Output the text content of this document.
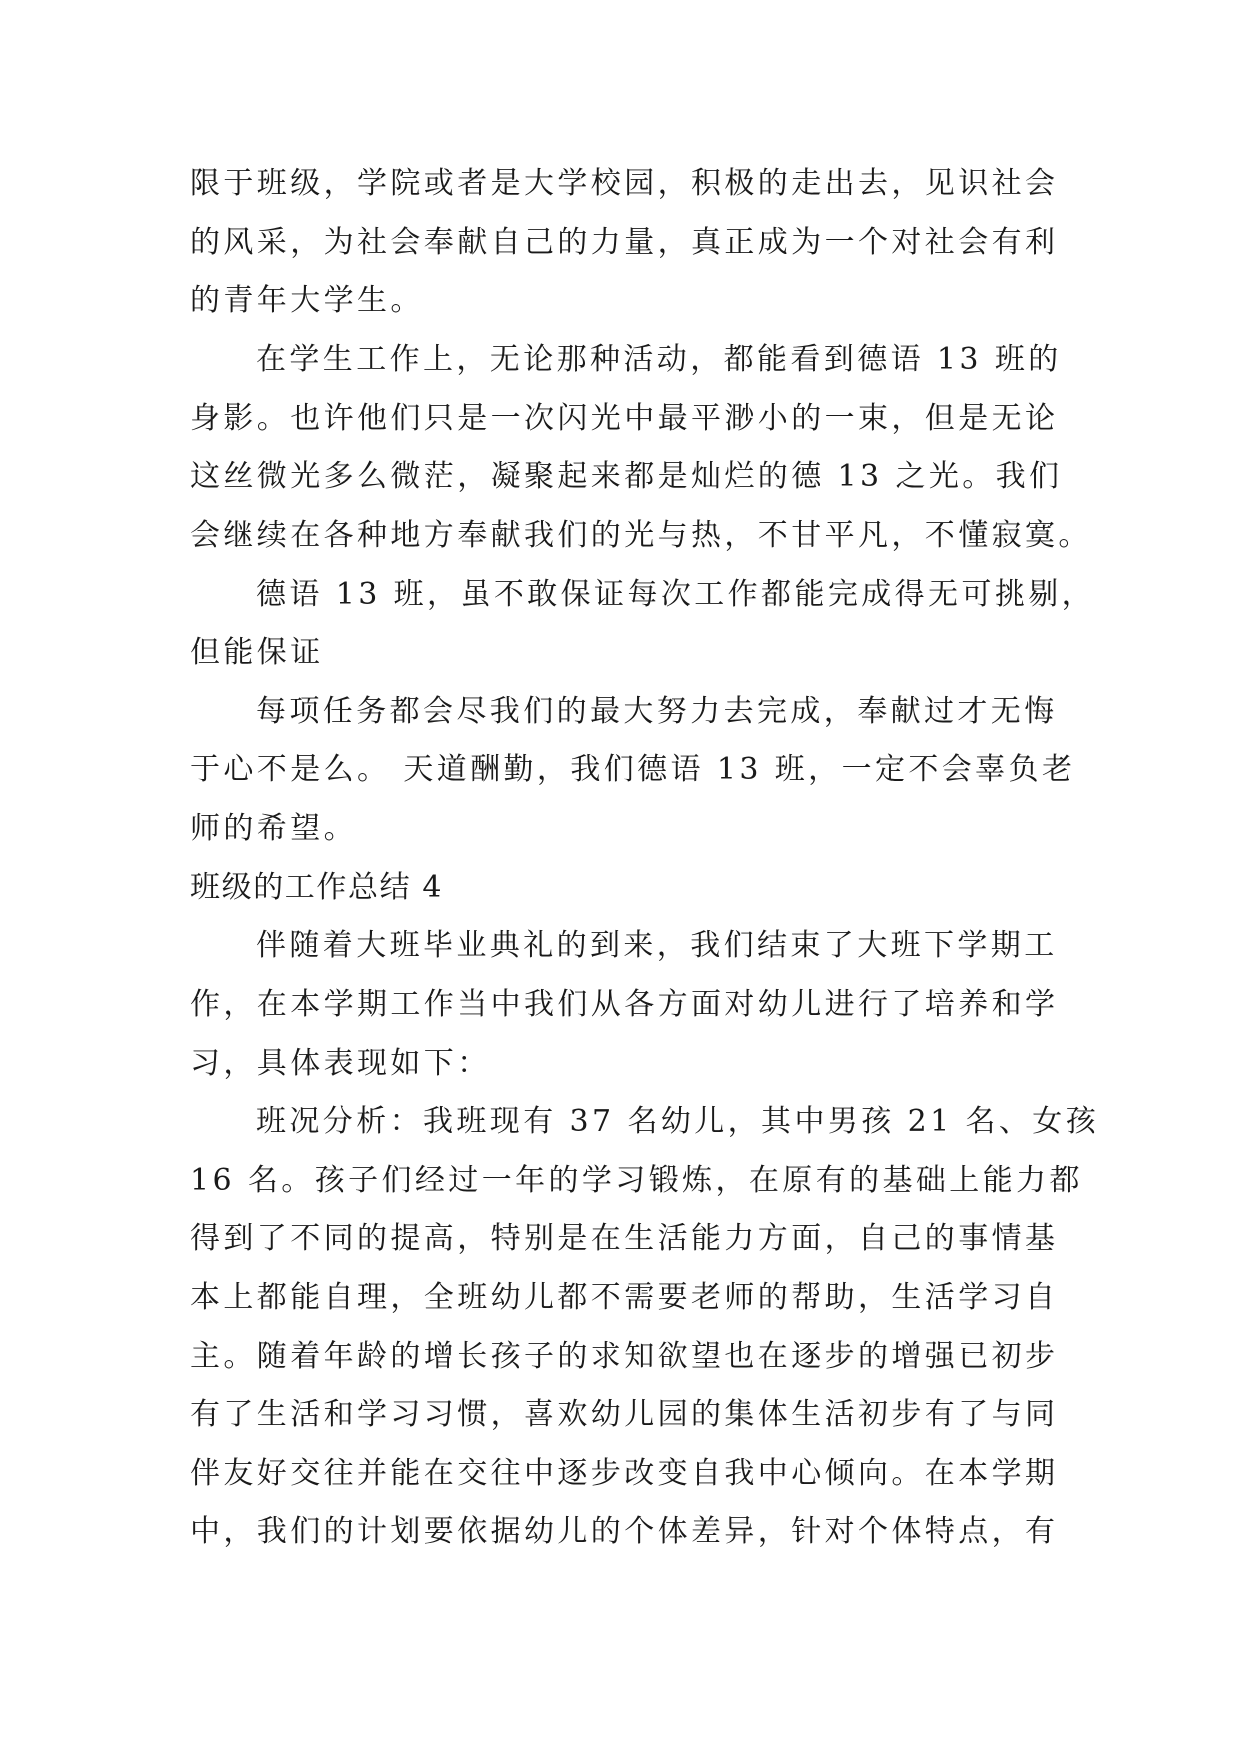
限于班级，学院或者是大学校园，积极的走出去，见识社会
的风采，为社会奉献自己的力量，真正成为一个对社会有利
的青年大学生。
在学生工作上，无论那种活动，都能看到德语 13 班的
身影。也许他们只是一次闪光中最平渺小的一束，但是无论
这丝微光多么微茫，凝聚起来都是灿烂的德 13 之光。我们
会继续在各种地方奉献我们的光与热，不甘平凡，不懂寂寞。
德语 13 班，虽不敢保证每次工作都能完成得无可挑剔，
但能保证
每项任务都会尽我们的最大努力去完成，奉献过才无悔
于心不是么。 天道酬勤，我们德语 13 班，一定不会辜负老
师的希望。
班级的工作总结 4
伴随着大班毕业典礼的到来，我们结束了大班下学期工
作，在本学期工作当中我们从各方面对幼儿进行了培养和学
习，具体表现如下：
班况分析：我班现有 37 名幼儿，其中男孩 21 名、女孩
16 名。孩子们经过一年的学习锻炼，在原有的基础上能力都
得到了不同的提高，特别是在生活能力方面，自己的事情基
本上都能自理，全班幼儿都不需要老师的帮助，生活学习自
主。随着年龄的增长孩子的求知欲望也在逐步的增强已初步
有了生活和学习习惯，喜欢幼儿园的集体生活初步有了与同
伴友好交往并能在交往中逐步改变自我中心倾向。在本学期
中，我们的计划要依据幼儿的个体差异，针对个体特点，有
